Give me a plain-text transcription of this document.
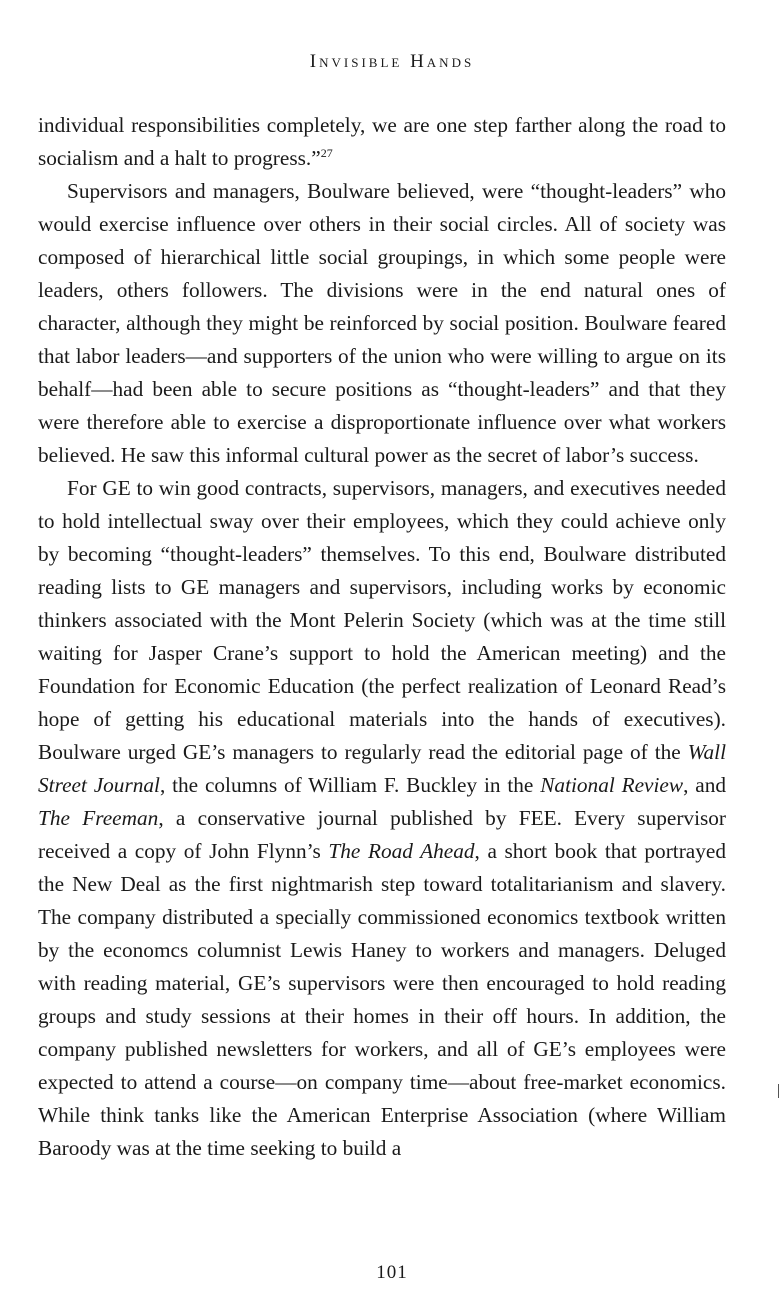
Invisible Hands

individual responsibilities completely, we are one step farther along the road to socialism and a halt to progress.”$^{27}$

Supervisors and managers, Boulware believed, were “thought-leaders” who would exercise influence over others in their social circles. All of society was composed of hierarchical little social groupings, in which some people were leaders, others followers. The divisions were in the end natural ones of character, although they might be reinforced by social position. Boulware feared that labor leaders—and supporters of the union who were willing to argue on its behalf—had been able to secure positions as “thought-leaders” and that they were therefore able to exercise a disproportionate influence over what workers believed. He saw this informal cultural power as the secret of labor’s success.

For GE to win good contracts, supervisors, managers, and executives needed to hold intellectual sway over their employees, which they could achieve only by becoming “thought-leaders” themselves. To this end, Boulware distributed reading lists to GE managers and supervisors, including works by economic thinkers associated with the Mont Pelerin Society (which was at the time still waiting for Jasper Crane’s support to hold the American meeting) and the Foundation for Economic Education (the perfect realization of Leonard Read’s hope of getting his educational materials into the hands of executives). Boulware urged GE’s managers to regularly read the editorial page of the Wall Street Journal, the columns of William F. Buckley in the National Review, and The Freeman, a conservative journal published by FEE. Every supervisor received a copy of John Flynn’s The Road Ahead, a short book that portrayed the New Deal as the first nightmarish step toward totalitarianism and slavery. The company distributed a specially commissioned economics textbook written by the economcs columnist Lewis Haney to workers and managers. Deluged with reading material, GE’s supervisors were then encouraged to hold reading groups and study sessions at their homes in their off hours. In addition, the company published newsletters for workers, and all of GE’s employees were expected to attend a course—on company time—about free-market economics. While think tanks like the American Enterprise Association (where William Baroody was at the time seeking to build a

101
